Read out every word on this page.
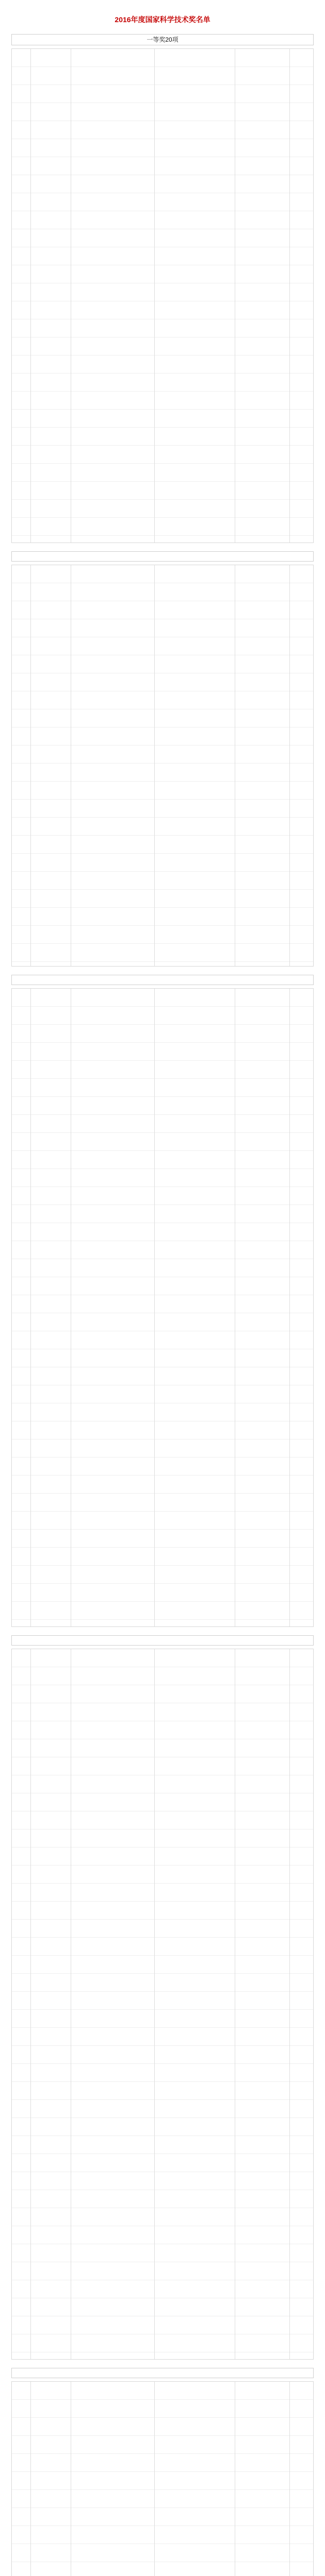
2016年度国家科学技术奖名单
一等奖20项
